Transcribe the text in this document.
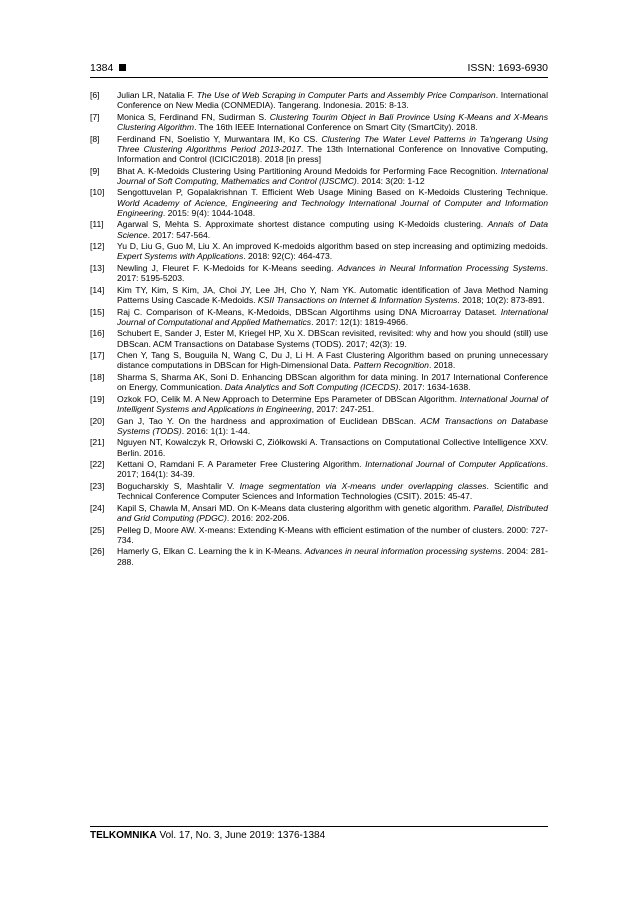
1384	ISSN: 1693-6930
[6] Julian LR, Natalia F. The Use of Web Scraping in Computer Parts and Assembly Price Comparison. International Conference on New Media (CONMEDIA). Tangerang. Indonesia. 2015: 8-13.
[7] Monica S, Ferdinand FN, Sudirman S. Clustering Tourim Object in Bali Province Using K-Means and X-Means Clustering Algorithm. The 16th IEEE International Conference on Smart City (SmartCity). 2018.
[8] Ferdinand FN, Soelistio Y, Murwantara IM, Ko CS. Clustering The Water Level Patterns in Ta'ngerang Using Three Clustering Algorithms Period 2013-2017. The 13th International Conference on Innovative Computing, Information and Control (ICICIC2018). 2018 [in press]
[9] Bhat A. K-Medoids Clustering Using Partitioning Around Medoids for Performing Face Recognition. International Journal of Soft Computing, Mathematics and Control (IJSCMC). 2014: 3(20: 1-12
[10] Sengottuvelan P, Gopalakrishnan T. Efficient Web Usage Mining Based on K-Medoids Clustering Technique. World Academy of Acience, Engineering and Technology International Journal of Computer and Information Engineering. 2015: 9(4): 1044-1048.
[11] Agarwal S, Mehta S. Approximate shortest distance computing using K-Medoids clustering. Annals of Data Science. 2017: 547-564.
[12] Yu D, Liu G, Guo M, Liu X. An improved K-medoids algorithm based on step increasing and optimizing medoids. Expert Systems with Applications. 2018: 92(C): 464-473.
[13] Newling J, Fleuret F. K-Medoids for K-Means seeding. Advances in Neural Information Processing Systems. 2017: 5195-5203.
[14] Kim TY, Kim, S Kim, JA, Choi JY, Lee JH, Cho Y, Nam YK. Automatic identification of Java Method Naming Patterns Using Cascade K-Medoids. KSII Transactions on Internet & Information Systems. 2018; 10(2): 873-891.
[15] Raj C. Comparison of K-Means, K-Medoids, DBScan Algortihms using DNA Microarray Dataset. International Journal of Computational and Applied Mathematics. 2017: 12(1): 1819-4966.
[16] Schubert E, Sander J, Ester M, Kriegel HP, Xu X. DBScan revisited, revisited: why and how you should (still) use DBScan. ACM Transactions on Database Systems (TODS). 2017; 42(3): 19.
[17] Chen Y, Tang S, Bouguila N, Wang C, Du J, Li H. A Fast Clustering Algorithm based on pruning unnecessary distance computations in DBScan for High-Dimensional Data. Pattern Recognition. 2018.
[18] Sharma S, Sharma AK, Soni D. Enhancing DBScan algorithm for data mining. In 2017 International Conference on Energy, Communication. Data Analytics and Soft Computing (ICECDS). 2017: 1634-1638.
[19] Ozkok FO, Celik M. A New Approach to Determine Eps Parameter of DBScan Algorithm. International Journal of Intelligent Systems and Applications in Engineering, 2017: 247-251.
[20] Gan J, Tao Y. On the hardness and approximation of Euclidean DBScan. ACM Transactions on Database Systems (TODS). 2016: 1(1): 1-44.
[21] Nguyen NT, Kowalczyk R, Orłowski C, Ziółkowski A. Transactions on Computational Collective Intelligence XXV. Berlin. 2016.
[22] Kettani O, Ramdani F. A Parameter Free Clustering Algorithm. International Journal of Computer Applications. 2017; 164(1): 34-39.
[23] Bogucharskiy S, Mashtalir V. Image segmentation via X-means under overlapping classes. Scientific and Technical Conference Computer Sciences and Information Technologies (CSIT). 2015: 45-47.
[24] Kapil S, Chawla M, Ansari MD. On K-Means data clustering algorithm with genetic algorithm. Parallel, Distributed and Grid Computing (PDGC). 2016: 202-206.
[25] Pelleg D, Moore AW. X-means: Extending K-Means with efficient estimation of the number of clusters. 2000: 727-734.
[26] Hamerly G, Elkan C. Learning the k in K-Means. Advances in neural information processing systems. 2004: 281-288.
TELKOMNIKA Vol. 17, No. 3, June 2019: 1376-1384
